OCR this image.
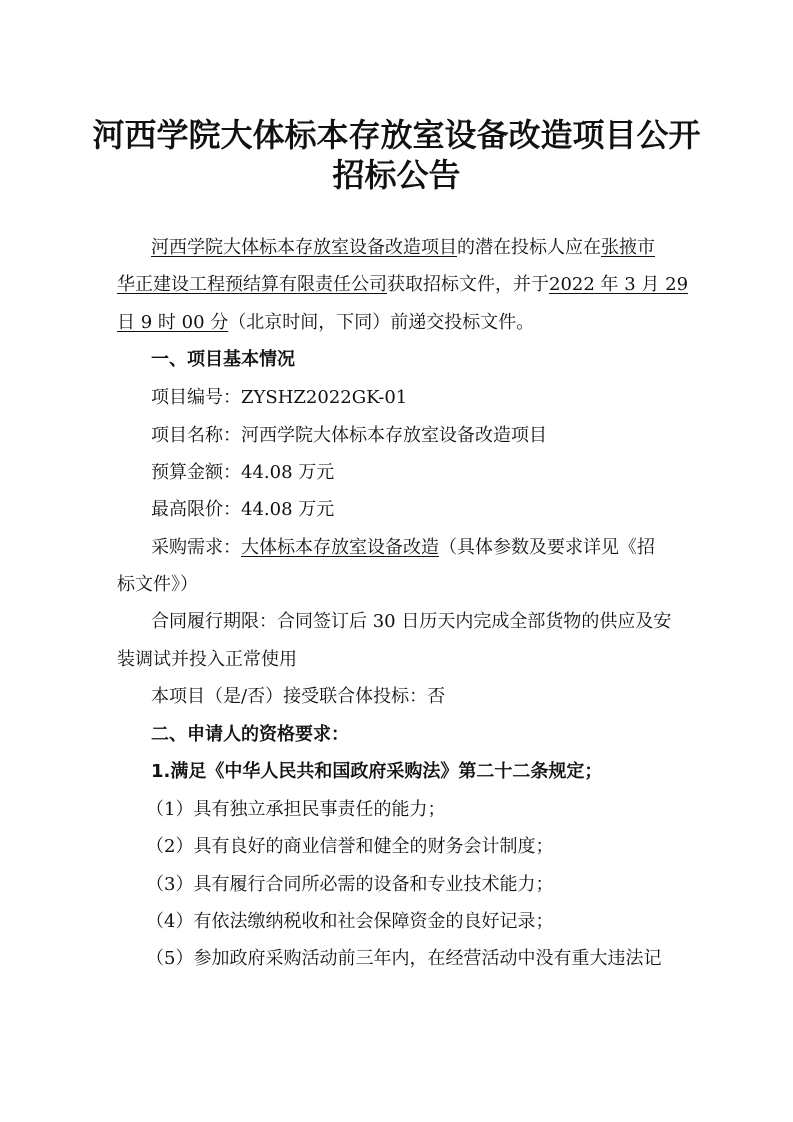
河西学院大体标本存放室设备改造项目公开
招标公告
河西学院大体标本存放室设备改造项目的潜在投标人应在张掖市
华正建设工程预结算有限责任公司获取招标文件，并于2022 年 3 月 29
日 9 时 00 分（北京时间，下同）前递交投标文件。
一、项目基本情况
项目编号：ZYSHZ2022GK-01
项目名称：河西学院大体标本存放室设备改造项目
预算金额：44.08 万元
最高限价：44.08 万元
采购需求：大体标本存放室设备改造（具体参数及要求详见《招
标文件》）
合同履行期限：合同签订后 30 日历天内完成全部货物的供应及安
装调试并投入正常使用
本项目（是/否）接受联合体投标：否
二、申请人的资格要求：
1.满足《中华人民共和国政府采购法》第二十二条规定；
（1）具有独立承担民事责任的能力；
（2）具有良好的商业信誉和健全的财务会计制度；
（3）具有履行合同所必需的设备和专业技术能力；
（4）有依法缴纳税收和社会保障资金的良好记录；
（5）参加政府采购活动前三年内，在经营活动中没有重大违法记
